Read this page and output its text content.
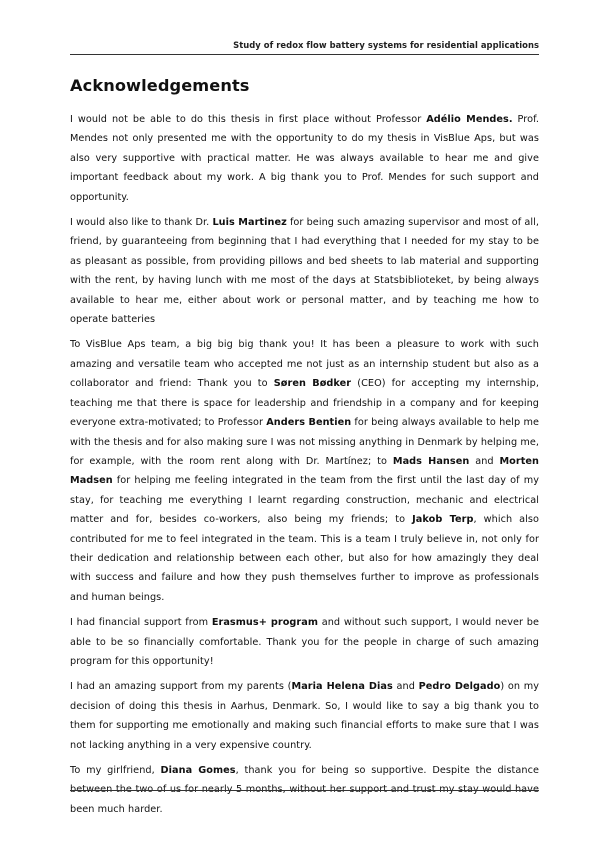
Study of redox flow battery systems for residential applications
Acknowledgements

I would not be able to do this thesis in first place without Professor Adélio Mendes. Prof. Mendes not only presented me with the opportunity to do my thesis in VisBlue Aps, but was also very supportive with practical matter. He was always available to hear me and give important feedback about my work. A big thank you to Prof. Mendes for such support and opportunity.

I would also like to thank Dr. Luis Martinez for being such amazing supervisor and most of all, friend, by guaranteeing from beginning that I had everything that I needed for my stay to be as pleasant as possible, from providing pillows and bed sheets to lab material and supporting with the rent, by having lunch with me most of the days at Statsbiblioteket, by being always available to hear me, either about work or personal matter, and by teaching me how to operate batteries

To VisBlue Aps team, a big big big thank you! It has been a pleasure to work with such amazing and versatile team who accepted me not just as an internship student but also as a collaborator and friend: Thank you to Søren Bødker (CEO) for accepting my internship, teaching me that there is space for leadership and friendship in a company and for keeping everyone extra-motivated; to Professor Anders Bentien for being always available to help me with the thesis and for also making sure I was not missing anything in Denmark by helping me, for example, with the room rent along with Dr. Martínez; to Mads Hansen and Morten Madsen for helping me feeling integrated in the team from the first until the last day of my stay, for teaching me everything I learnt regarding construction, mechanic and electrical matter and for, besides co-workers, also being my friends; to Jakob Terp, which also contributed for me to feel integrated in the team. This is a team I truly believe in, not only for their dedication and relationship between each other, but also for how amazingly they deal with success and failure and how they push themselves further to improve as professionals and human beings.

I had financial support from Erasmus+ program and without such support, I would never be able to be so financially comfortable. Thank you for the people in charge of such amazing program for this opportunity!

I had an amazing support from my parents (Maria Helena Dias and Pedro Delgado) on my decision of doing this thesis in Aarhus, Denmark. So, I would like to say a big thank you to them for supporting me emotionally and making such financial efforts to make sure that I was not lacking anything in a very expensive country.

To my girlfriend, Diana Gomes, thank you for being so supportive. Despite the distance between the two of us for nearly 5 months, without her support and trust my stay would have been much harder.
